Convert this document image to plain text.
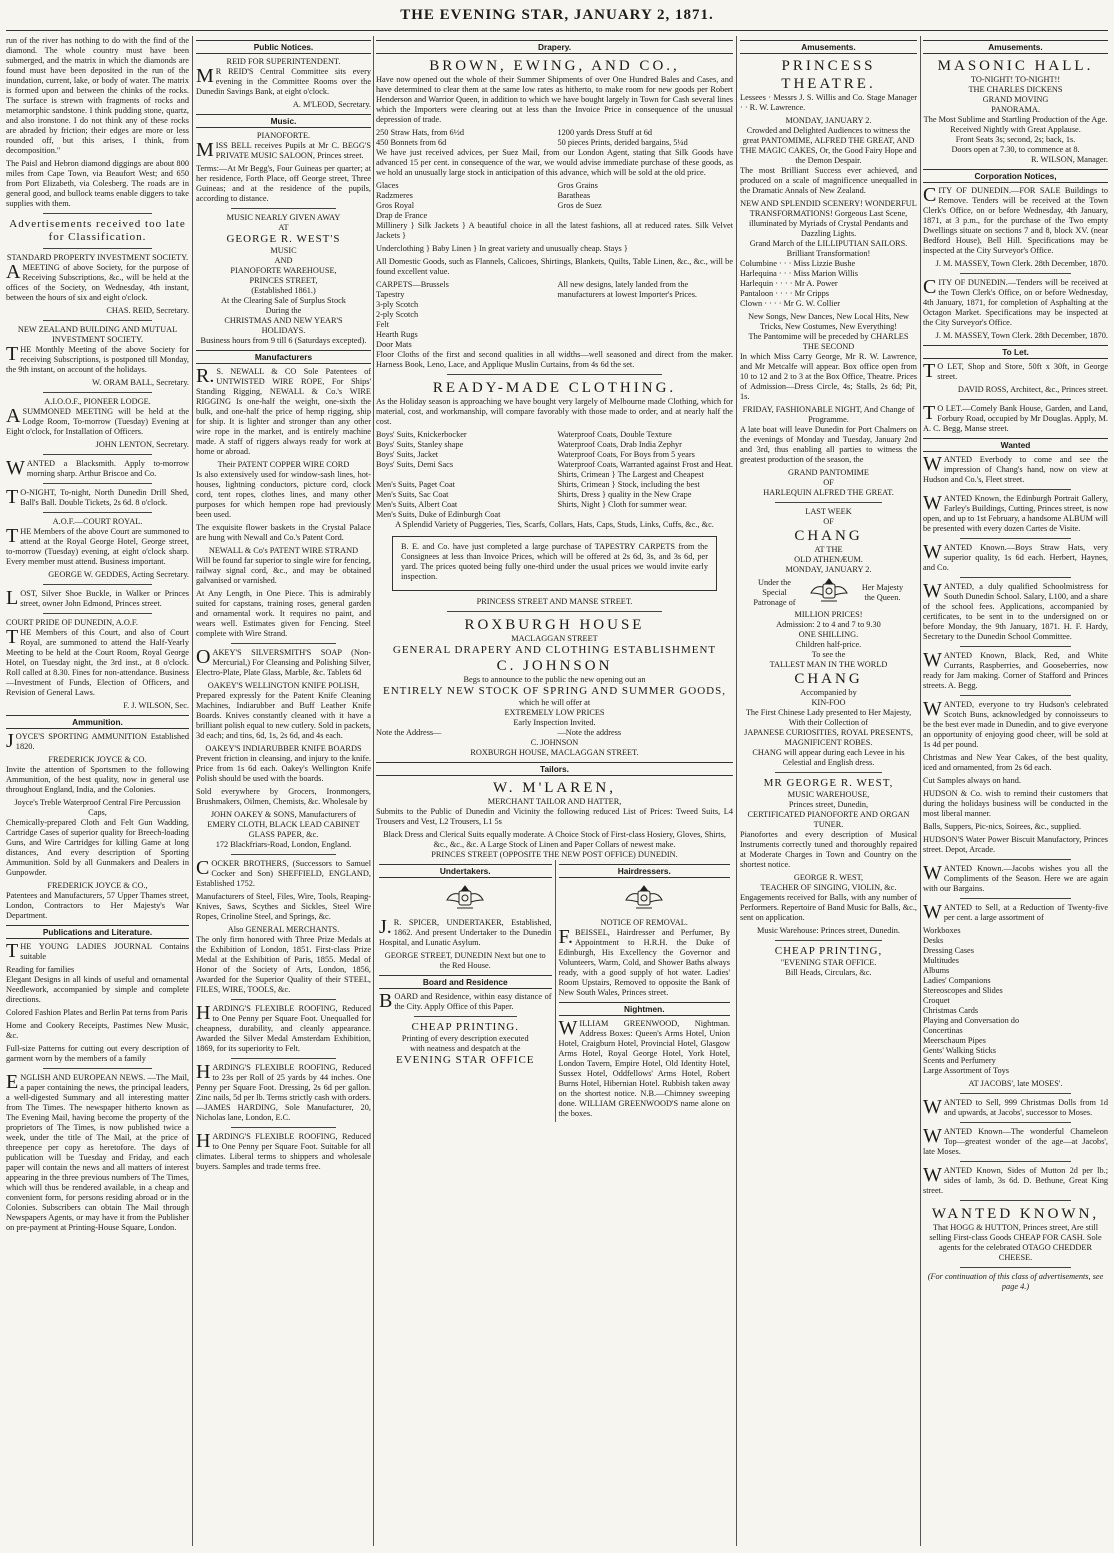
THE EVENING STAR, JANUARY 2, 1871.

run of the river has nothing to do with the find of the diamond. The whole country must have been submerged, and the matrix in which the diamonds are found must have been deposited in the run of the inundation, current, lake, or body of water. The matrix is formed upon and between the chinks of the rocks. The surface is strewn with fragments of rocks and metamorphic sandstone. I think pudding stone, quartz, and also ironstone. I do not think any of these rocks are abraded by friction; their edges are more or less rounded off, but this arises, I think, from decomposition."

The Paisl and Hebron diamond diggings are about 800 miles from Cape Town, via Beaufort West; and 650 from Port Elizabeth, via Colesberg. The roads are in general good, and bullock teams enable diggers to take supplies with them.

Advertisements received too late for Classification.

STANDARD PROPERTY INVESTMENT SOCIETY.

AMEETING of above Society, for the purpose of Receiving Subscriptions, &c., will be held at the offices of the Society, on Wednesday, 4th instant, between the hours of six and eight o'clock.

CHAS. REID, Secretary.

NEW ZEALAND BUILDING AND MUTUAL INVESTMENT SOCIETY.

THE Monthly Meeting of the above Society for receiving Subscriptions, is postponed till Monday, the 9th instant, on account of the holidays.

W. ORAM BALL, Secretary.

A.I.O.O.F., PIONEER LODGE.

ASUMMONED MEETING will be held at the Lodge Room, To-morrow (Tuesday) Evening at Eight o'clock, for Installation of Officers.

JOHN LENTON, Secretary.

WANTED a Blacksmith. Apply to-morrow morning sharp. Arthur Briscoe and Co.

TO-NIGHT, To-night, North Dunedin Drill Shed, Ball's Ball. Double Tickets, 2s 6d. 8 o'clock.

A.O.F.—COURT ROYAL.

THE Members of the above Court are summoned to attend at the Royal George Hotel, George street, to-morrow (Tuesday) evening, at eight o'clock sharp. Every member must attend. Business important.

GEORGE W. GEDDES, Acting Secretary.

LOST, Silver Shoe Buckle, in Walker or Princes street, owner John Edmond, Princes street.

COURT PRIDE OF DUNEDIN, A.O.F.

THE Members of this Court, and also of Court Royal, are summoned to attend the Half-Yearly Meeting to be held at the Court Room, Royal George Hotel, on Tuesday night, the 3rd inst., at 8 o'clock. Roll called at 8.30. Fines for non-attendance. Business—Investment of Funds, Election of Officers, and Revision of General Laws.

F. J. WILSON, Sec.

Ammunition.

JOYCE'S SPORTING AMMUNITION Established 1820.

FREDERICK JOYCE & CO.

Invite the attention of Sportsmen to the following Ammunition, of the best quality, now in general use throughout England, India, and the Colonies.

Joyce's Treble Waterproof Central Fire Percussion Caps,

Chemically-prepared Cloth and Felt Gun Wadding, Cartridge Cases of superior quality for Breech-loading Guns, and Wire Cartridges for killing Game at long distances, And every description of Sporting Ammunition. Sold by all Gunmakers and Dealers in Gunpowder.

FREDERICK JOYCE & CO.,

Patentees and Manufacturers, 57 Upper Thames street, London, Contractors to Her Majesty's War Department.

Publications and Literature.

THE YOUNG LADIES JOURNAL Contains suitable

Reading for families

Elegant Designs in all kinds of useful and ornamental Needlework, accompanied by simple and complete directions.

Colored Fashion Plates and Berlin Pat terns from Paris

Home and Cookery Receipts, Pastimes New Music, &c.

Full-size Patterns for cutting out every description of garment worn by the members of a family

ENGLISH AND EUROPEAN NEWS. —The Mail, a paper containing the news, the principal leaders, a well-digested Summary and all interesting matter from The Times. The newspaper hitherto known as The Evening Mail, having become the property of the proprietors of The Times, is now published twice a week, under the title of The Mail, at the price of threepence per copy as heretofore. The days of publication will be Tuesday and Friday, and each paper will contain the news and all matters of interest appearing in the three previous numbers of The Times, which will thus be rendered available, in a cheap and convenient form, for persons residing abroad or in the Colonies. Subscribers can obtain The Mail through Newspapers Agents, or may have it from the Publisher on pre-payment at Printing-House Square, London.

Public Notices.

REID FOR SUPERINTENDENT.

MR REID'S Central Committee sits every evening in the Committee Rooms over the Dunedin Savings Bank, at eight o'clock.

A. M'LEOD, Secretary.

Music.

PIANOFORTE.

MISS BELL receives Pupils at Mr C. BEGG'S PRIVATE MUSIC SALOON, Princes street.

Terms:—At Mr Begg's, Four Guineas per quarter; at her residence, Forth Place, off George street, Three Guineas; and at the residence of the pupils, according to distance.

MUSIC NEARLY GIVEN AWAY

AT

GEORGE R. WEST'S

MUSIC

AND

PIANOFORTE WAREHOUSE,

PRINCES STREET,

(Established 1861.)

At the Clearing Sale of Surplus Stock

During the

CHRISTMAS AND NEW YEAR'S

HOLIDAYS.

Business hours from 9 till 6 (Saturdays excepted).

Manufacturers

R.S. NEWALL & CO Sole Patentees of UNTWISTED WIRE ROPE, For Ships' Standing Rigging, NEWALL & Co.'s WIRE RIGGING Is one-half the weight, one-sixth the bulk, and one-half the price of hemp rigging, ship for ship. It is lighter and stronger than any other wire rope in the market, and is entirely machine made. A staff of riggers always ready for work at home or abroad.

Their PATENT COPPER WIRE CORD

Is also extensively used for window-sash lines, hot-houses, lightning conductors, picture cord, clock cord, tent ropes, clothes lines, and many other purposes for which hempen rope had previously been used.

The exquisite flower baskets in the Crystal Palace are hung with Newall and Co.'s Patent Cord.

NEWALL & Co's PATENT WIRE STRAND

Will be found far superior to single wire for fencing, railway signal cord, &c., and may be obtained galvanised or varnished.

At Any Length, in One Piece. This is admirably suited for capstans, training roses, general garden and ornamental work. It requires no paint, and wears well. Estimates given for Fencing. Steel complete with Wire Strand.

OAKEY'S SILVERSMITH'S SOAP (Non-Mercurial,) For Cleansing and Polishing Silver, Electro-Plate, Plate Glass, Marble, &c. Tablets 6d

OAKEY'S WELLINGTON KNIFE POLISH,

Prepared expressly for the Patent Knife Cleaning Machines, Indiarubber and Buff Leather Knife Boards. Knives constantly cleaned with it have a brilliant polish equal to new cutlery. Sold in packets, 3d each; and tins, 6d, 1s, 2s 6d, and 4s each.

OAKEY'S INDIARUBBER KNIFE BOARDS

Prevent friction in cleansing, and injury to the knife. Price from 1s 6d each. Oakey's Wellington Knife Polish should be used with the boards.

Sold everywhere by Grocers, Ironmongers, Brushmakers, Oilmen, Chemists, &c. Wholesale by

JOHN OAKEY & SONS, Manufacturers of EMERY CLOTH, BLACK LEAD CABINET GLASS PAPER, &c.

172 Blackfriars-Road, London, England.

COCKER BROTHERS, (Successors to Samuel Cocker and Son) SHEFFIELD, ENGLAND, Established 1752.

Manufacturers of Steel, Files, Wire, Tools, Reaping-Knives, Saws, Scythes and Sickles, Steel Wire Ropes, Crinoline Steel, and Springs, &c.

Also GENERAL MERCHANTS.

The only firm honored with Three Prize Medals at the Exhibition of London, 1851. First-class Prize Medal at the Exhibition of Paris, 1855. Medal of Honor of the Society of Arts, London, 1856, Awarded for the Superior Quality of their STEEL, FILES, WIRE, TOOLS, &c.

HARDING'S FLEXIBLE ROOFING, Reduced to One Penny per Square Foot. Unequalled for cheapness, durability, and cleanly appearance. Awarded the Silver Medal Amsterdam Exhibition, 1869, for its superiority to Felt.

HARDING'S FLEXIBLE ROOFING, Reduced to 23s per Roll of 25 yards by 44 inches. One Penny per Square Foot. Dressing, 2s 6d per gallon. Zinc nails, 5d per lb. Terms strictly cash with orders.—JAMES HARDING, Sole Manufacturer, 20, Nicholas lane, London, E.C.

HARDING'S FLEXIBLE ROOFING, Reduced to One Penny per Square Foot. Suitable for all climates. Liberal terms to shippers and wholesale buyers. Samples and trade terms free.

Drapery.

BROWN, EWING, AND CO.,

Have now opened out the whole of their Summer Shipments of over One Hundred Bales and Cases, and have determined to clear them at the same low rates as hitherto, to make room for new goods per Robert Henderson and Warrior Queen, in addition to which we have bought largely in Town for Cash several lines which the Importers were clearing out at less than the Invoice Price in consequence of the unusual depression of trade.

250 Straw Hats, from 6½d
450 Bonnets from 6d
1200 yards Dress Stuff at 6d
50 pieces Prints, derided bargains, 5¼d

We have just received advices, per Suez Mail, from our London Agent, stating that Silk Goods have advanced 15 per cent. in consequence of the war, we would advise immediate purchase of these goods, as we hold an unusually large stock in anticipation of this advance, which will be sold at the old price.

Glaces
Radzmeres
Gros Royal
Drap de France
Gros Grains
Baratheas
Gros de Suez

Millinery } Silk Jackets } A beautiful choice in all the latest fashions, all at reduced rates. Silk Velvet Jackets }

Underclothing } Baby Linen } In great variety and unusually cheap. Stays }

All Domestic Goods, such as Flannels, Calicoes, Shirtings, Blankets, Quilts, Table Linen, &c., &c., will be found excellent value.

CARPETS—Brussels
Tapestry
3-ply Scotch
2-ply Scotch
Felt
Hearth Rugs
Door Mats
All new designs, lately landed from the manufacturers at lowest Importer's Prices.

Floor Cloths of the first and second qualities in all widths—well seasoned and direct from the maker. Harness Book, Leno, Lace, and Applique Muslin Curtains, from 4s 6d the set.

READY-MADE CLOTHING.

As the Holiday season is approaching we have bought very largely of Melbourne made Clothing, which for material, cost, and workmanship, will compare favorably with those made to order, and at nearly half the cost.

Boys' Suits, Knickerbocker
Boys' Suits, Stanley shape
Boys' Suits, Jacket
Boys' Suits, Demi Sacs

Men's Suits, Paget Coat
Men's Suits, Sac Coat
Men's Suits, Albert Coat
Men's Suits, Duke of Edinburgh Coat
Waterproof Coats, Double Texture
Waterproof Coats, Drab India Zephyr
Waterproof Coats, For Boys from 5 years
Waterproof Coats, Warranted against Frost and Heat.
Shirts, Crimean } The Largest and Cheapest
Shirts, Crimean } Stock, including the best
Shirts, Dress } quality in the New Crape
Shirts, Night } Cloth for summer wear.

A Splendid Variety of Puggeries, Ties, Scarfs, Collars, Hats, Caps, Studs, Links, Cuffs, &c., &c.

B. E. and Co. have just completed a large purchase of TAPESTRY CARPETS from the Consignees at less than Invoice Prices, which will be offered at 2s 6d, 3s, and 3s 6d, per yard. The prices quoted being fully one-third under the usual prices we would invite early inspection.

PRINCESS STREET AND MANSE STREET.

ROXBURGH HOUSE

MACLAGGAN STREET

GENERAL DRAPERY AND CLOTHING ESTABLISHMENT

C. JOHNSON

Begs to announce to the public the new opening out an

ENTIRELY NEW STOCK OF SPRING AND SUMMER GOODS,

which he will offer at

EXTREMELY LOW PRICES

Early Inspection Invited.

Note the Address—	—Note the address

C. JOHNSON

ROXBURGH HOUSE, MACLAGGAN STREET.

Tailors.

W. M'LAREN,

MERCHANT TAILOR AND HATTER,

Submits to the Public of Dunedin and Vicinity the following reduced List of Prices: Tweed Suits, L4 Trousers and Vest, L2 Trousers, L1 5s

Black Dress and Clerical Suits equally moderate. A Choice Stock of First-class Hosiery, Gloves, Shirts, &c., &c., &c. A Large Stock of Linen and Paper Collars of newest make.

PRINCES STREET (OPPOSITE THE NEW POST OFFICE) DUNEDIN.

Undertakers.

J.R. SPICER, UNDERTAKER, Established, 1862. And present Undertaker to the Dunedin Hospital, and Lunatic Asylum.

GEORGE STREET, DUNEDIN Next but one to the Red House.

Board and Residence

BOARD and Residence, within easy distance of the City. Apply Office of this Paper.

CHEAP PRINTING.

Printing of every description executed

with neatness and despatch at the

EVENING STAR OFFICE

Hairdressers.

NOTICE OF REMOVAL.

F.BEISSEL, Hairdresser and Perfumer, By Appointment to H.R.H. the Duke of Edinburgh, His Excellency the Governor and Volunteers, Warm, Cold, and Shower Baths always ready, with a good supply of hot water. Ladies' Room Upstairs, Removed to opposite the Bank of New South Wales, Princes street.

Nightmen.

WILLIAM GREENWOOD, Nightman. Address Boxes: Queen's Arms Hotel, Union Hotel, Craigburn Hotel, Provincial Hotel, Glasgow Arms Hotel, Royal George Hotel, York Hotel, London Tavern, Empire Hotel, Old Identity Hotel, Sussex Hotel, Oddfellows' Arms Hotel, Robert Burns Hotel, Hibernian Hotel. Rubbish taken away on the shortest notice. N.B.—Chimney sweeping done. WILLIAM GREENWOOD'S name alone on the boxes.

Amusements.

PRINCESS THEATRE.

Lessees · Messrs J. S. Willis and Co. Stage Manager · · R. W. Lawrence.

MONDAY, JANUARY 2.

Crowded and Delighted Audiences to witness the great PANTOMIME, ALFRED THE GREAT, AND THE MAGIC CAKES, Or, the Good Fairy Hope and the Demon Despair.

The most Brilliant Success ever achieved, and produced on a scale of magnificence unequalled in the Dramatic Annals of New Zealand.

NEW AND SPLENDID SCENERY! WONDERFUL TRANSFORMATIONS! Gorgeous Last Scene, illuminated by Myriads of Crystal Pendants and Dazzling Lights.

Grand March of the LILLIPUTIAN SAILORS. Brilliant Transformation!

Columbine · · · Miss Lizzie Bushe
Harlequina · · · Miss Marion Willis
Harlequin · · · · Mr A. Power
Pantaloon · · · · Mr Cripps
Clown · · · · Mr G. W. Collier

New Songs, New Dances, New Local Hits, New Tricks, New Costumes, New Everything!

The Pantomime will be preceded by CHARLES THE SECOND

In which Miss Carry George, Mr R. W. Lawrence, and Mr Metcalfe will appear. Box office open from 10 to 12 and 2 to 3 at the Box Office, Theatre. Prices of Admission—Dress Circle, 4s; Stalls, 2s 6d; Pit, 1s.

FRIDAY, FASHIONABLE NIGHT, And Change of Programme.

A late boat will leave Dunedin for Port Chalmers on the evenings of Monday and Tuesday, January 2nd and 3rd, thus enabling all parties to witness the greatest production of the season, the

GRAND PANTOMIME

OF

HARLEQUIN ALFRED THE GREAT.

LAST WEEK

OF

CHANG

AT THE

OLD ATHENÆUM.

MONDAY, JANUARY 2.

Under the Special Patronage of
Her Majesty the Queen.

MILLION PRICES!

Admission: 2 to 4 and 7 to 9.30

ONE SHILLING.

Children half-price.

To see the

TALLEST MAN IN THE WORLD

CHANG

Accompanied by

KIN-FOO

The First Chinese Lady presented to Her Majesty,

With their Collection of

JAPANESE CURIOSITIES, ROYAL PRESENTS, MAGNIFICENT ROBES.

CHANG will appear during each Levee in his Celestial and English dress.

MR GEORGE R. WEST,

MUSIC WAREHOUSE,

Princes street, Dunedin,

CERTIFICATED PIANOFORTE AND ORGAN TUNER.

Pianofortes and every description of Musical Instruments correctly tuned and thoroughly repaired at Moderate Charges in Town and Country on the shortest notice.

GEORGE R. WEST,

TEACHER OF SINGING, VIOLIN, &c.

Engagements received for Balls, with any number of Performers. Repertoire of Band Music for Balls, &c., sent on application.

Music Warehouse: Princes street, Dunedin.

CHEAP PRINTING,

"EVENING STAR OFFICE.

Bill Heads, Circulars, &c.

Amusements.

MASONIC HALL.

TO-NIGHT! TO-NIGHT!!

THE CHARLES DICKENS

GRAND MOVING

PANORAMA.

The Most Sublime and Startling Production of the Age.

Received Nightly with Great Applause.

Front Seats 3s; second, 2s; back, 1s.

Doors open at 7.30, to commence at 8.

R. WILSON, Manager.

Corporation Notices,

CITY OF DUNEDIN.—FOR SALE Buildings to Remove. Tenders will be received at the Town Clerk's Office, on or before Wednesday, 4th January, 1871, at 3 p.m., for the purchase of the Two empty Dwellings situate on sections 7 and 8, block XV. (near Bedford House), Bell Hill. Specifications may be inspected at the City Surveyor's Office.

J. M. MASSEY, Town Clerk. 28th December, 1870.

CITY OF DUNEDIN.—Tenders will be received at the Town Clerk's Office, on or before Wednesday, 4th January, 1871, for completion of Asphalting at the Octagon Market. Specifications may be inspected at the City Surveyor's Office.

J. M. MASSEY, Town Clerk. 28th December, 1870.

To Let.

TO LET, Shop and Store, 50ft x 30ft, in George street.

DAVID ROSS, Architect, &c., Princes street.

TO LET.—Comely Bank House, Garden, and Land, Forbury Road, occupied by Mr Douglas. Apply, M. A. C. Begg, Manse street.

Wanted

WANTED Everbody to come and see the impression of Chang's hand, now on view at Hudson and Co.'s, Fleet street.

WANTED Known, the Edinburgh Portrait Gallery, Farley's Buildings, Cutting, Princes street, is now open, and up to 1st February, a handsome ALBUM will be presented with every dozen Cartes de Visite.

WANTED Known.—Boys Straw Hats, very superior quality, 1s 6d each. Herbert, Haynes, and Co.

WANTED, a duly qualified Schoolmistress for South Dunedin School. Salary, L100, and a share of the school fees. Applications, accompanied by certificates, to be sent in to the undersigned on or before Monday, the 9th January, 1871. H. F. Hardy, Secretary to the Dunedin School Committee.

WANTED Known, Black, Red, and White Currants, Raspberries, and Gooseberries, now ready for Jam making. Corner of Stafford and Princes streets. A. Begg.

WANTED, everyone to try Hudson's celebrated Scotch Buns, acknowledged by connoisseurs to be the best ever made in Dunedin, and to give everyone an opportunity of enjoying good cheer, will be sold at 1s 4d per pound.

Christmas and New Year Cakes, of the best quality, iced and ornamented, from 2s 6d each.

Cut Samples always on hand.

HUDSON & Co. wish to remind their customers that during the holidays business will be conducted in the most liberal manner.

Balls, Suppers, Pic-nics, Soirees, &c., supplied.

HUDSON'S Water Power Biscuit Manufactory, Princes street. Depot, Arcade.

WANTED Known.—Jacobs wishes you all the Compliments of the Season. Here we are again with our Bargains.

WANTED to Sell, at a Reduction of Twenty-five per cent. a large assortment of

Workboxes
Desks
Dressing Cases
Multitudes
Albums
Ladies' Companions
Stereoscopes and Slides
Croquet
Christmas Cards
Playing and Conversation do
Concertinas
Meerschaum Pipes
Gents' Walking Sticks
Scents and Perfumery
Large Assortment of Toys

AT JACOBS', late MOSES'.

WANTED to Sell, 999 Christmas Dolls from 1d and upwards, at Jacobs', successor to Moses.

WANTED Known—The wonderful Chameleon Top—greatest wonder of the age—at Jacobs', late Moses.

WANTED Known, Sides of Mutton 2d per lb.; sides of lamb, 3s 6d. D. Bethune, Great King street.

WANTED KNOWN,

That HOGG & HUTTON, Princes street, Are still selling First-class Goods CHEAP FOR CASH. Sole agents for the celebrated OTAGO CHEDDER CHEESE.

(For continuation of this class of advertisements, see page 4.)
